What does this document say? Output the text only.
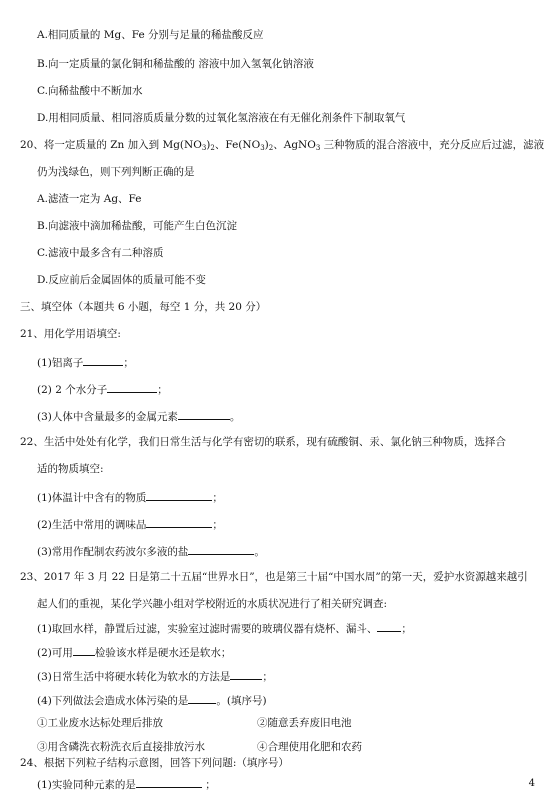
A.相同质量的 Mg、Fe 分别与足量的稀盐酸反应
B.向一定质量的氯化铜和稀盐酸的 溶液中加入氢氧化钠溶液
C.向稀盐酸中不断加水
D.用相同质量、相同溶质质量分数的过氧化氢溶液在有无催化剂条件下制取氧气
20、将一定质量的 Zn 加入到 $Mg(NO_3)_2$、$Fe(NO_3)_2$、AgNO$_3$ 三种物质的混合溶液中，充分反应后过滤，滤液
仍为浅绿色，则下列判断正确的是
A.滤渣一定为 Ag、Fe
B.向滤液中滴加稀盐酸，可能产生白色沉淀
C.滤液中最多含有二种溶质
D.反应前后金属固体的质量可能不变
三、填空体（本题共 6 小题，每空 1 分，共 20 分）
21、用化学用语填空:
(1)铝离子	；
(2) 2 个水分子	；
(3)人体中含量最多的金属元素	。
22、生活中处处有化学，我们日常生活与化学有密切的联系，现有硫酸铜、汞、氯化钠三种物质，选择合
适的物质填空:
(1)体温计中含有的物质	；
(2)生活中常用的调味品	；
(3)常用作配制农药波尔多液的盐	。
23、2017 年 3 月 22 日是第二十五届“世界水日”，也是第三十届“中国水周”的第一天，爱护水资源越来越引
起人们的重视，某化学兴趣小组对学校附近的水质状况进行了相关研究调查:
(1)取回水样，静置后过滤，实验室过滤时需要的玻璃仪器有烧杯、漏斗、 ；
(2)可用 检验该水样是硬水还是软水；
(3)日常生活中将硬水转化为软水的方法是	；
(4)下列做法会造成水体污染的是	。(填序号)
①工业废水达标处理后排放	②随意丢弃废旧电池
③用含磷洗衣粉洗衣后直接排放污水	④合理使用化肥和农药
4
24、根据下列粒子结构示意图，回答下列问题:（填序号）
(1)实验同种元素的是	；
